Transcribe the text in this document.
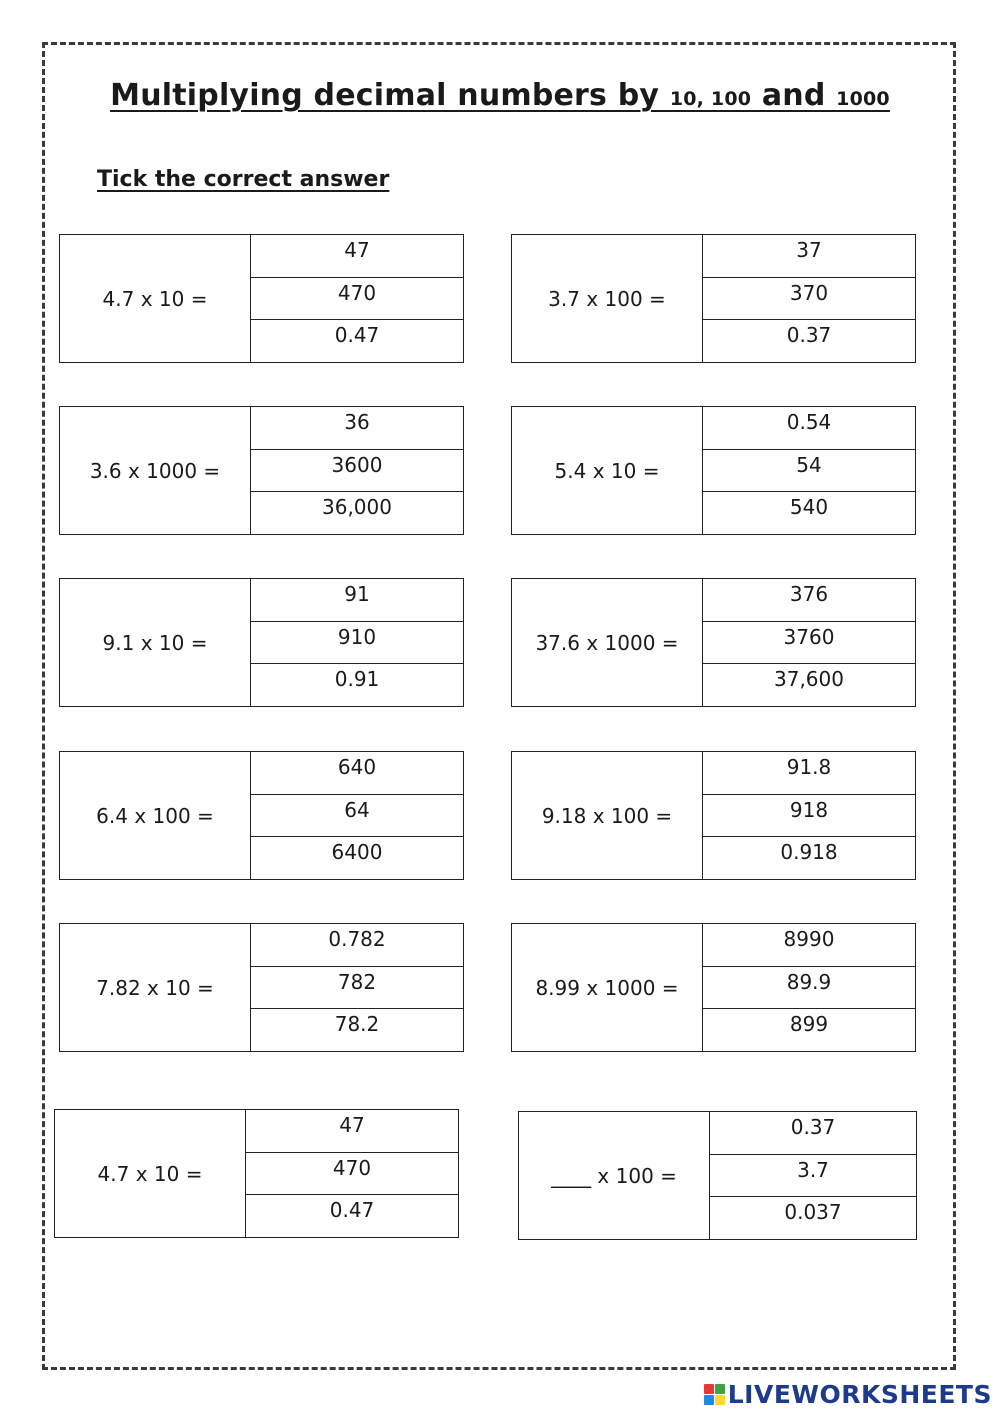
Multiplying decimal numbers by 10, 100 and 1000
Tick the correct answer
4.7 x 10 =
47
470
0.47
3.7 x 100 =
37
370
0.37
3.6 x 1000 =
36
3600
36,000
5.4 x 10 =
0.54
54
540
9.1 x 10 =
91
910
0.91
37.6 x 1000 =
376
3760
37,600
6.4 x 100 =
640
64
6400
9.18 x 100 =
91.8
918
0.918
7.82 x 10 =
0.782
782
78.2
8.99 x 1000 =
8990
89.9
899
4.7 x 10 =
47
470
0.47
____ x 100 =
0.37
3.7
0.037
LIVEWORKSHEETS
